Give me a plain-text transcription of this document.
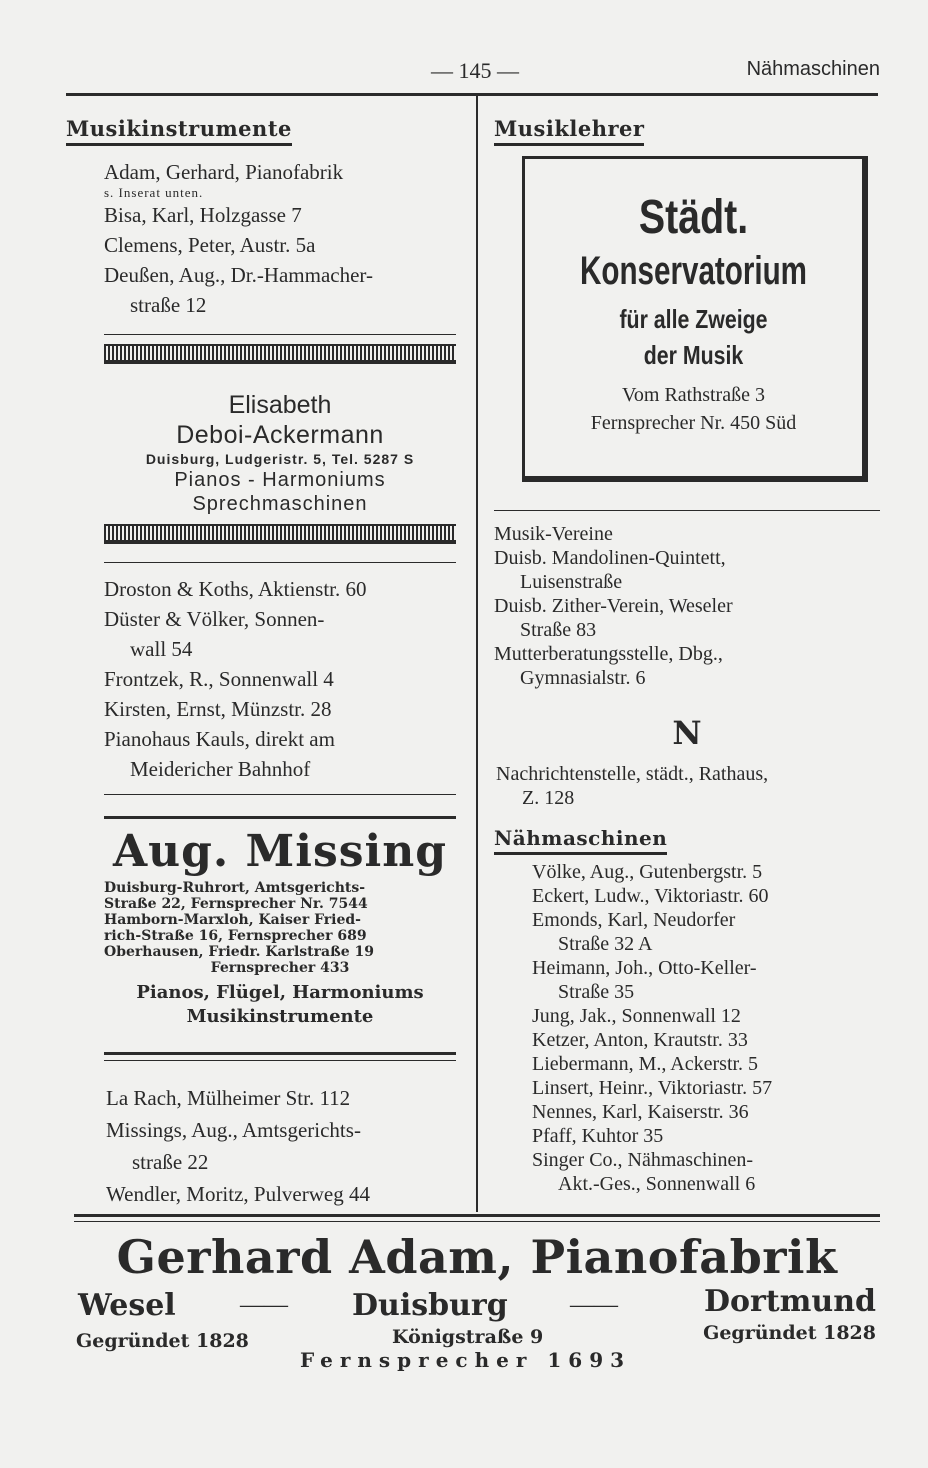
— 145 —	Nähmaschinen
Musikinstrumente
Adam, Gerhard, Pianofabrik
s. Inserat unten.
Bisa, Karl, Holzgasse 7
Clemens, Peter, Austr. 5a
Deußen, Aug., Dr.-Hammacher-
straße 12
Elisabeth
Deboi-Ackermann
Duisburg, Ludgeristr. 5, Tel. 5287 S
Pianos - Harmoniums
Sprechmaschinen
Droston & Koths, Aktienstr. 60
Düster & Völker, Sonnen-
wall 54
Frontzek, R., Sonnenwall 4
Kirsten, Ernst, Münzstr. 28
Pianohaus Kauls, direkt am
Meidericher Bahnhof
Aug. Missing
Duisburg-Ruhrort, Amtsgerichts-
Straße 22, Fernsprecher Nr. 7544
Hamborn-Marxloh, Kaiser Fried-
rich-Straße 16, Fernsprecher 689
Oberhausen, Friedr. Karlstraße 19
Fernsprecher 433
Pianos, Flügel, Harmoniums
Musikinstrumente
La Rach, Mülheimer Str. 112
Missings, Aug., Amtsgerichts-
straße 22
Wendler, Moritz, Pulverweg 44
Musiklehrer
Städt.
Konservatorium
für alle Zweige
der Musik
Vom Rathstraße 3
Fernsprecher Nr. 450 Süd
Musik-Vereine
Duisb. Mandolinen-Quintett,
Luisenstraße
Duisb. Zither-Verein, Weseler
Straße 83
Mutterberatungsstelle, Dbg.,
Gymnasialstr. 6
N
Nachrichtenstelle, städt., Rathaus,
Z. 128
Nähmaschinen
Völke, Aug., Gutenbergstr. 5
Eckert, Ludw., Viktoriastr. 60
Emonds, Karl, Neudorfer
Straße 32 A
Heimann, Joh., Otto-Keller-
Straße 35
Jung, Jak., Sonnenwall 12
Ketzer, Anton, Krautstr. 33
Liebermann, M., Ackerstr. 5
Linsert, Heinr., Viktoriastr. 57
Nennes, Karl, Kaiserstr. 36
Pfaff, Kuhtor 35
Singer Co., Nähmaschinen-
Akt.-Ges., Sonnenwall 6
Gerhard Adam, Pianofabrik
Wesel	—— Duisburg	——	Dortmund
Gegründet 1828	Königstraße 9	Gegründet 1828
Fernsprecher 1693
